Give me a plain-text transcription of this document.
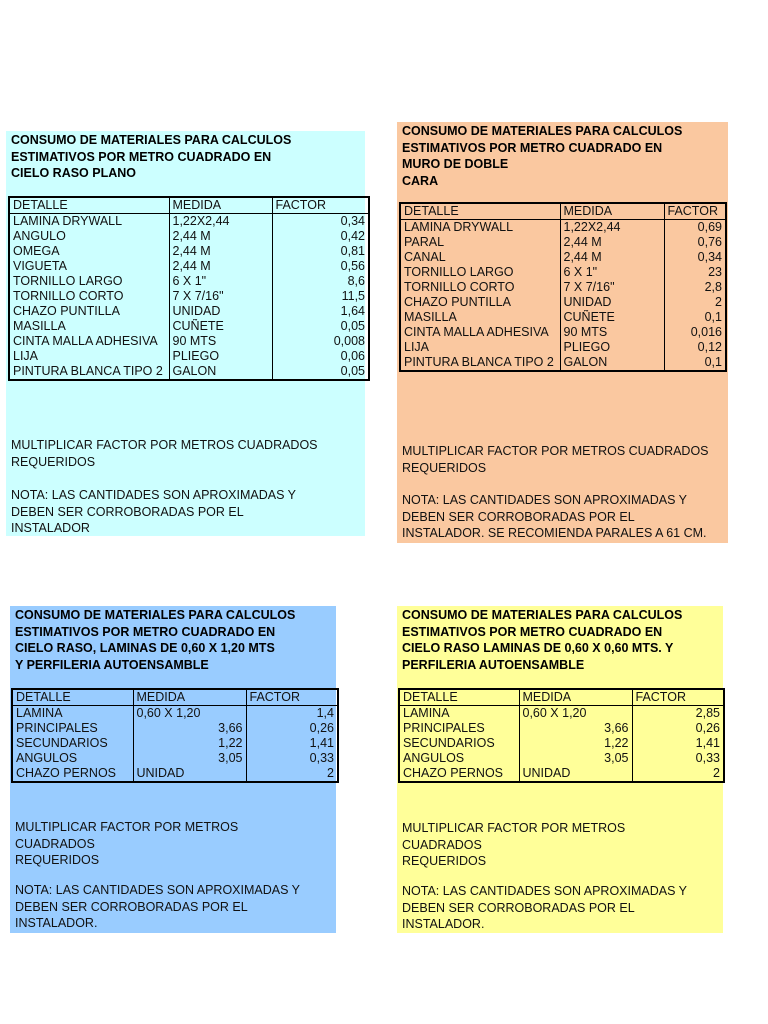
CONSUMO DE MATERIALES PARA CALCULOS
ESTIMATIVOS POR METRO CUADRADO EN
CIELO RASO PLANO
DETALLE	MEDIDA	FACTOR
LAMINA DRYWALL	1,22X2,44	0,34
ANGULO	2,44 M	0,42
OMEGA	2,44 M	0,81
VIGUETA	2,44 M	0,56
TORNILLO LARGO	6 X 1"	8,6
TORNILLO CORTO	7 X 7/16"	11,5
CHAZO PUNTILLA	UNIDAD	1,64
MASILLA	CUÑETE	0,05
CINTA MALLA ADHESIVA	90 MTS	0,008
LIJA	PLIEGO	0,06
PINTURA BLANCA TIPO 2	GALON	0,05
MULTIPLICAR FACTOR POR METROS CUADRADOS
REQUERIDOS
NOTA: LAS CANTIDADES SON APROXIMADAS Y
DEBEN SER CORROBORADAS POR EL
INSTALADOR
CONSUMO DE MATERIALES PARA CALCULOS
ESTIMATIVOS POR METRO CUADRADO EN
MURO DE DOBLE
CARA
DETALLE	MEDIDA	FACTOR
LAMINA DRYWALL	1,22X2,44	0,69
PARAL	2,44 M	0,76
CANAL	2,44 M	0,34
TORNILLO LARGO	6 X 1"	23
TORNILLO CORTO	7 X 7/16"	2,8
CHAZO PUNTILLA	UNIDAD	2
MASILLA	CUÑETE	0,1
CINTA MALLA ADHESIVA	90 MTS	0,016
LIJA	PLIEGO	0,12
PINTURA BLANCA TIPO 2	GALON	0,1
MULTIPLICAR FACTOR POR METROS CUADRADOS
REQUERIDOS
NOTA: LAS CANTIDADES SON APROXIMADAS Y
DEBEN SER CORROBORADAS POR EL
INSTALADOR. SE RECOMIENDA PARALES A 61 CM.
CONSUMO DE MATERIALES PARA CALCULOS
ESTIMATIVOS POR METRO CUADRADO EN
CIELO RASO, LAMINAS DE 0,60 X 1,20 MTS
Y PERFILERIA AUTOENSAMBLE
DETALLE	MEDIDA	FACTOR
LAMINA	0,60 X 1,20	1,4
PRINCIPALES	3,66	0,26
SECUNDARIOS	1,22	1,41
ANGULOS	3,05	0,33
CHAZO PERNOS	UNIDAD	2
MULTIPLICAR FACTOR POR METROS
CUADRADOS
REQUERIDOS
NOTA: LAS CANTIDADES SON APROXIMADAS Y
DEBEN SER CORROBORADAS POR EL
INSTALADOR.
CONSUMO DE MATERIALES PARA CALCULOS
ESTIMATIVOS POR METRO CUADRADO EN
CIELO RASO LAMINAS DE 0,60 X 0,60 MTS. Y
PERFILERIA AUTOENSAMBLE
DETALLE	MEDIDA	FACTOR
LAMINA	0,60 X 1,20	2,85
PRINCIPALES	3,66	0,26
SECUNDARIOS	1,22	1,41
ANGULOS	3,05	0,33
CHAZO PERNOS	UNIDAD	2
MULTIPLICAR FACTOR POR METROS
CUADRADOS
REQUERIDOS
NOTA: LAS CANTIDADES SON APROXIMADAS Y
DEBEN SER CORROBORADAS POR EL
INSTALADOR.
